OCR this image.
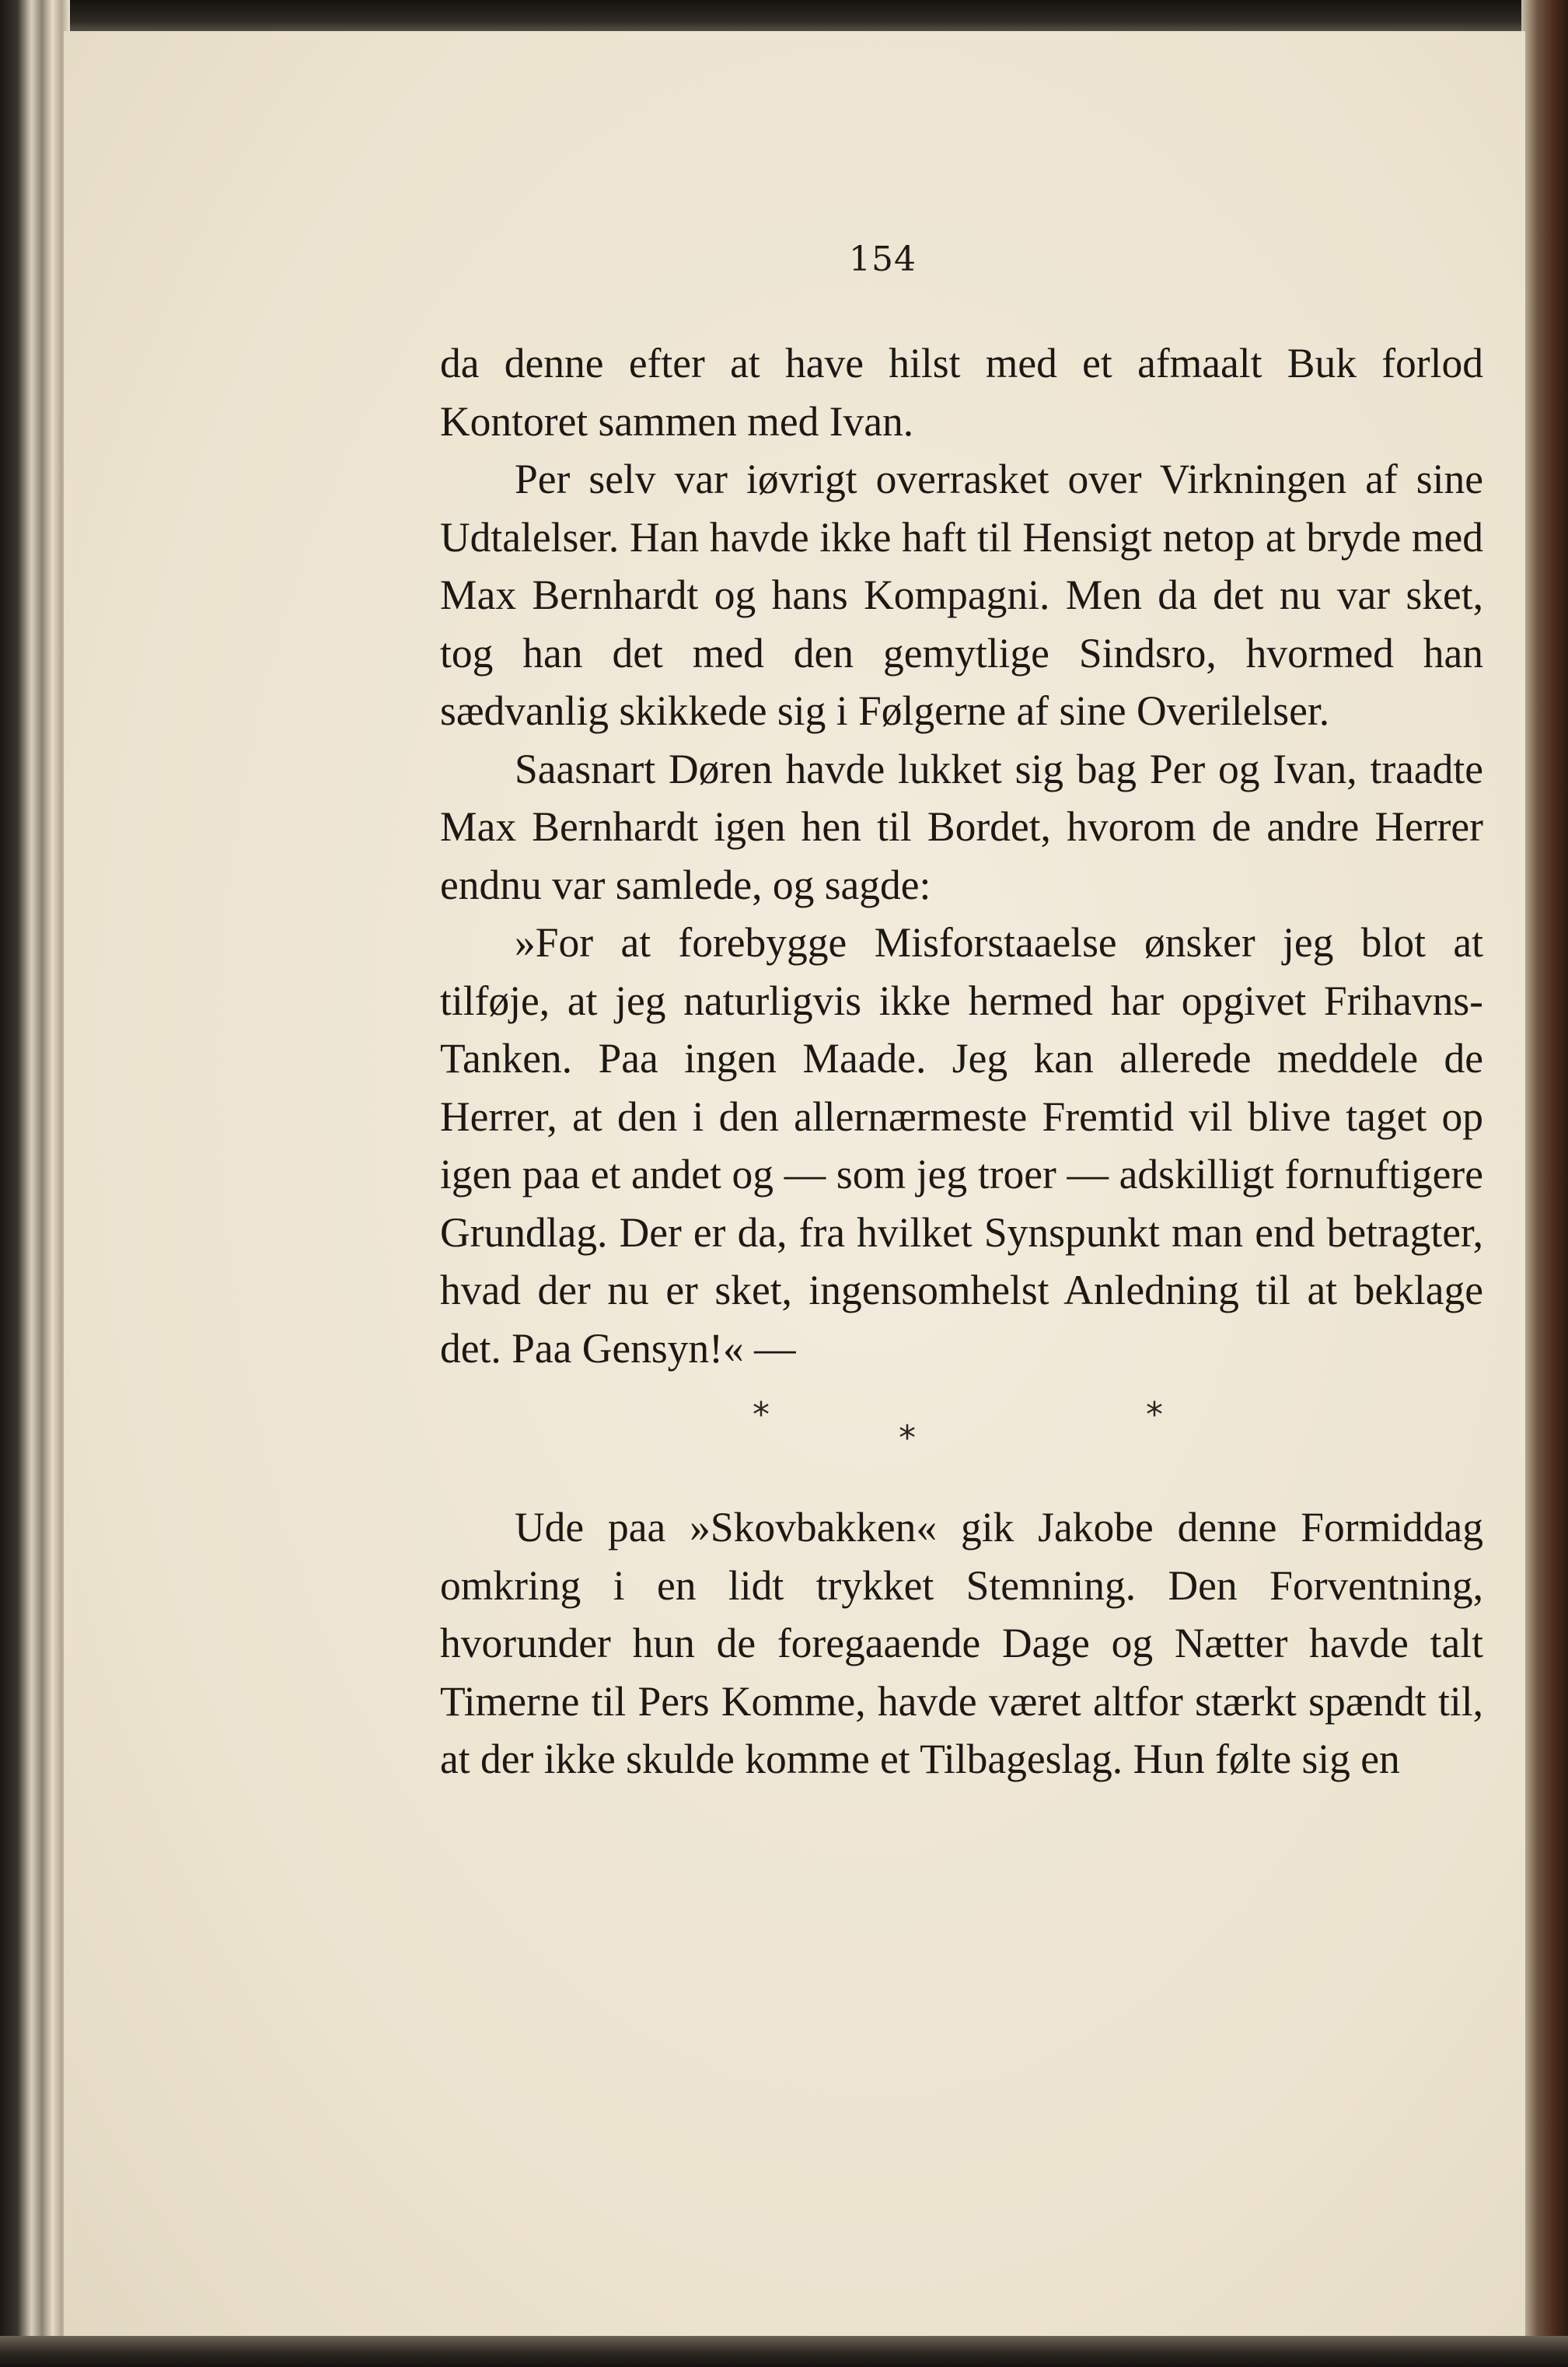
154

da denne efter at have hilst med et afmaalt Buk forlod Kontoret sammen med Ivan.

Per selv var iøvrigt overrasket over Virkningen af sine Udtalelser. Han havde ikke haft til Hensigt netop at bryde med Max Bernhardt og hans Kompagni. Men da det nu var sket, tog han det med den gemytlige Sindsro, hvormed han sædvanlig skikkede sig i Følgerne af sine Overilelser.

Saasnart Døren havde lukket sig bag Per og Ivan, traadte Max Bernhardt igen hen til Bordet, hvorom de andre Herrer endnu var samlede, og sagde:

»For at forebygge Misforstaaelse ønsker jeg blot at tilføje, at jeg naturligvis ikke hermed har opgivet Frihavns-Tanken. Paa ingen Maade. Jeg kan allerede meddele de Herrer, at den i den allernærmeste Fremtid vil blive taget op igen paa et andet og — som jeg troer — adskilligt fornuftigere Grundlag. Der er da, fra hvilket Synspunkt man end betragter, hvad der nu er sket, ingensomhelst Anledning til at beklage det. Paa Gensyn!« —

*
*
*

Ude paa »Skovbakken« gik Jakobe denne Formiddag omkring i en lidt trykket Stemning. Den Forventning, hvorunder hun de foregaaende Dage og Nætter havde talt Timerne til Pers Komme, havde været altfor stærkt spændt til, at der ikke skulde komme et Tilbageslag. Hun følte sig en
